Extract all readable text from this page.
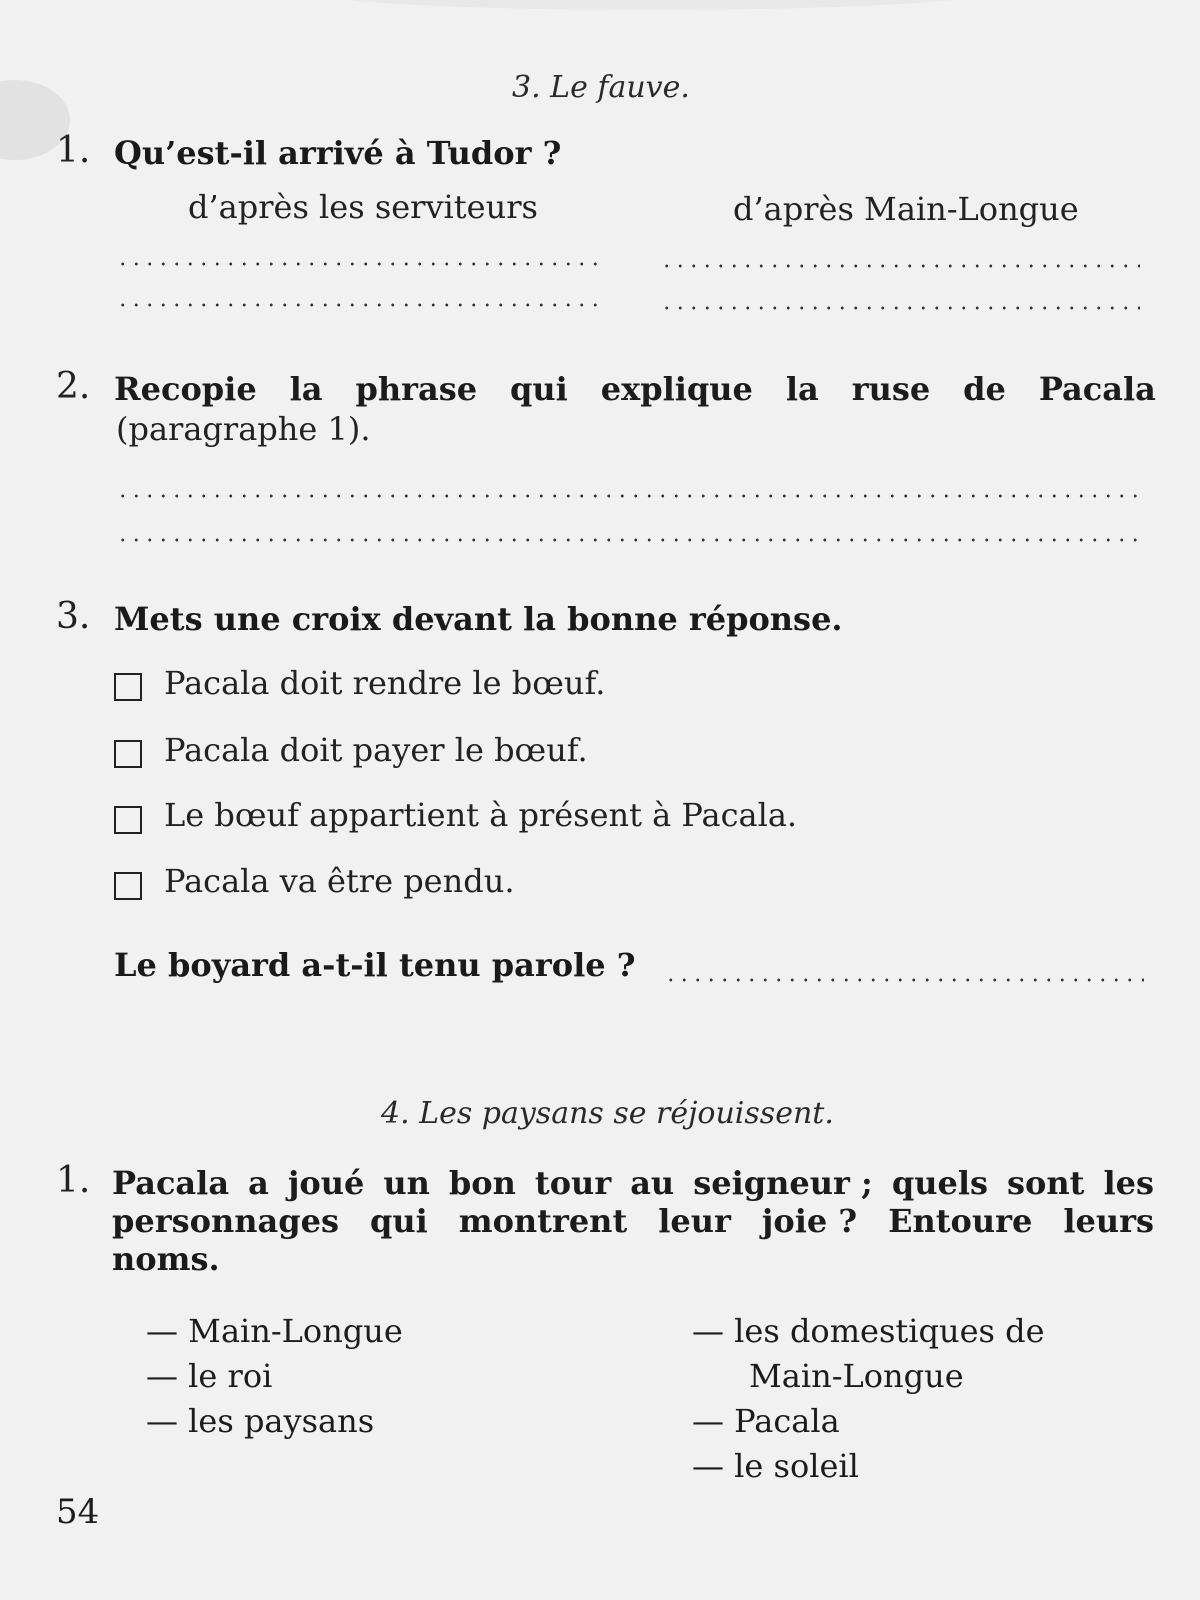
3. Le fauve.
1. Qu’est-il arrivé à Tudor ?
d’après les serviteurs	d’après Main-Longue
2. Recopie la phrase qui explique la ruse de Pacala
(paragraphe 1).
3. Mets une croix devant la bonne réponse.
Pacala doit rendre le bœuf.
Pacala doit payer le bœuf.
Le bœuf appartient à présent à Pacala.
Pacala va être pendu.
Le boyard a-t-il tenu parole ?
4. Les paysans se réjouissent.
1. Pacala a joué un bon tour au seigneur ; quels sont les
personnages qui montrent leur joie ? Entoure leurs
noms.
— Main-Longue
— le roi
— les paysans
— les domestiques de
Main-Longue
— Pacala
— le soleil
54
